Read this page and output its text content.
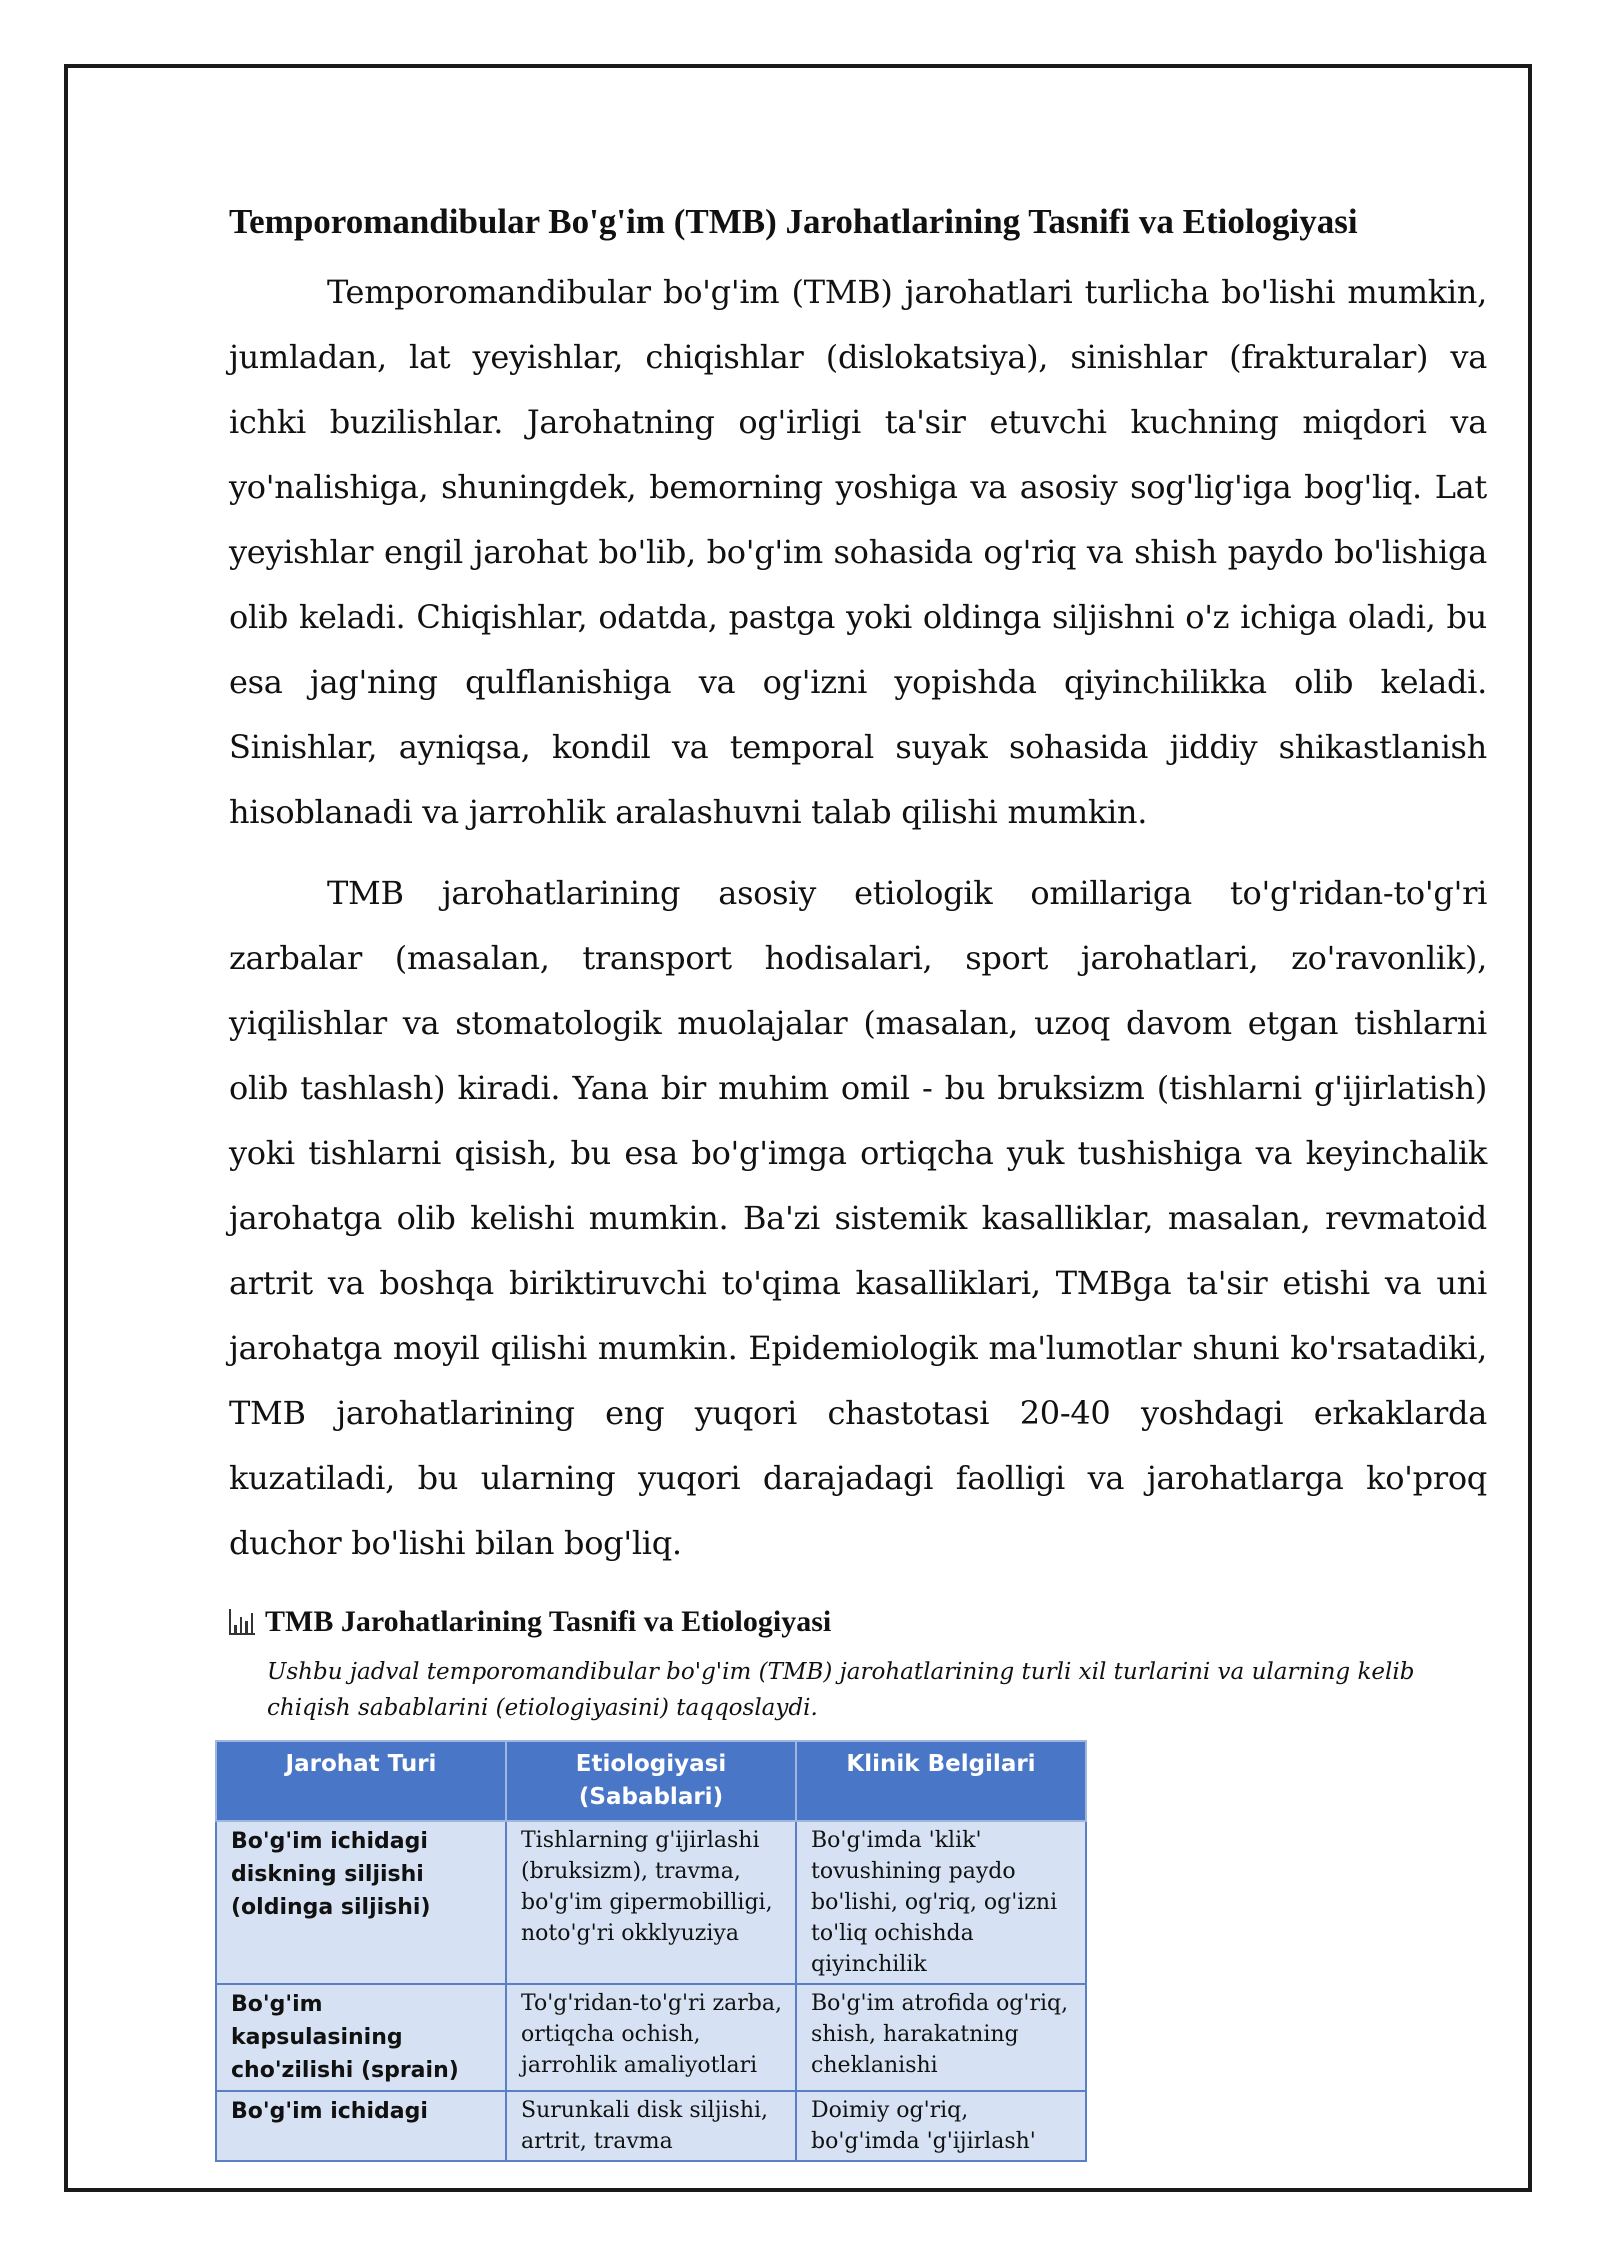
Temporomandibular Bo'g'im (TMB) Jarohatlarining Tasnifi va Etiologiyasi

Temporomandibular bo'g'im (TMB) jarohatlari turlicha bo'lishi mumkin, jumladan, lat yeyishlar, chiqishlar (dislokatsiya), sinishlar (frakturalar) va ichki buzilishlar. Jarohatning og'irligi ta'sir etuvchi kuchning miqdori va yo'nalishiga, shuningdek, bemorning yoshiga va asosiy sog'lig'iga bog'liq. Lat yeyishlar engil jarohat bo'lib, bo'g'im sohasida og'riq va shish paydo bo'lishiga olib keladi. Chiqishlar, odatda, pastga yoki oldinga siljishni o'z ichiga oladi, bu esa jag'ning qulflanishiga va og'izni yopishda qiyinchilikka olib keladi. Sinishlar, ayniqsa, kondil va temporal suyak sohasida jiddiy shikastlanish hisoblanadi va jarrohlik aralashuvni talab qilishi mumkin.

TMB jarohatlarining asosiy etiologik omillariga to'g'ridan-to'g'ri zarbalar (masalan, transport hodisalari, sport jarohatlari, zo'ravonlik), yiqilishlar va stomatologik muolajalar (masalan, uzoq davom etgan tishlarni olib tashlash) kiradi. Yana bir muhim omil - bu bruksizm (tishlarni g'ijirlatish) yoki tishlarni qisish, bu esa bo'g'imga ortiqcha yuk tushishiga va keyinchalik jarohatga olib kelishi mumkin. Ba'zi sistemik kasalliklar, masalan, revmatoid artrit va boshqa biriktiruvchi to'qima kasalliklari, TMBga ta'sir etishi va uni jarohatga moyil qilishi mumkin. Epidemiologik ma'lumotlar shuni ko'rsatadiki, TMB jarohatlarining eng yuqori chastotasi 20-40 yoshdagi erkaklarda kuzatiladi, bu ularning yuqori darajadagi faolligi va jarohatlarga ko'proq duchor bo'lishi bilan bog'liq.

TMB Jarohatlarining Tasnifi va Etiologiyasi
Ushbu jadval temporomandibular bo'g'im (TMB) jarohatlarining turli xil turlarini va ularning kelib chiqish sabablarini (etiologiyasini) taqqoslaydi.
Jarohat Turi	Etiologiyasi (Sabablari)	Klinik Belgilari
Bo'g'im ichidagi diskning siljishi (oldinga siljishi)	Tishlarning g'ijirlashi (bruksizm), travma, bo'g'im gipermobilligi, noto'g'ri okklyuziya	Bo'g'imda 'klik' tovushining paydo bo'lishi, og'riq, og'izni to'liq ochishda qiyinchilik
Bo'g'im kapsulasining cho'zilishi (sprain)	To'g'ridan-to'g'ri zarba, ortiqcha ochish, jarrohlik amaliyotlari	Bo'g'im atrofida og'riq, shish, harakatning cheklanishi
Bo'g'im ichidagi	Surunkali disk siljishi, artrit, travma	Doimiy og'riq, bo'g'imda 'g'ijirlash'
